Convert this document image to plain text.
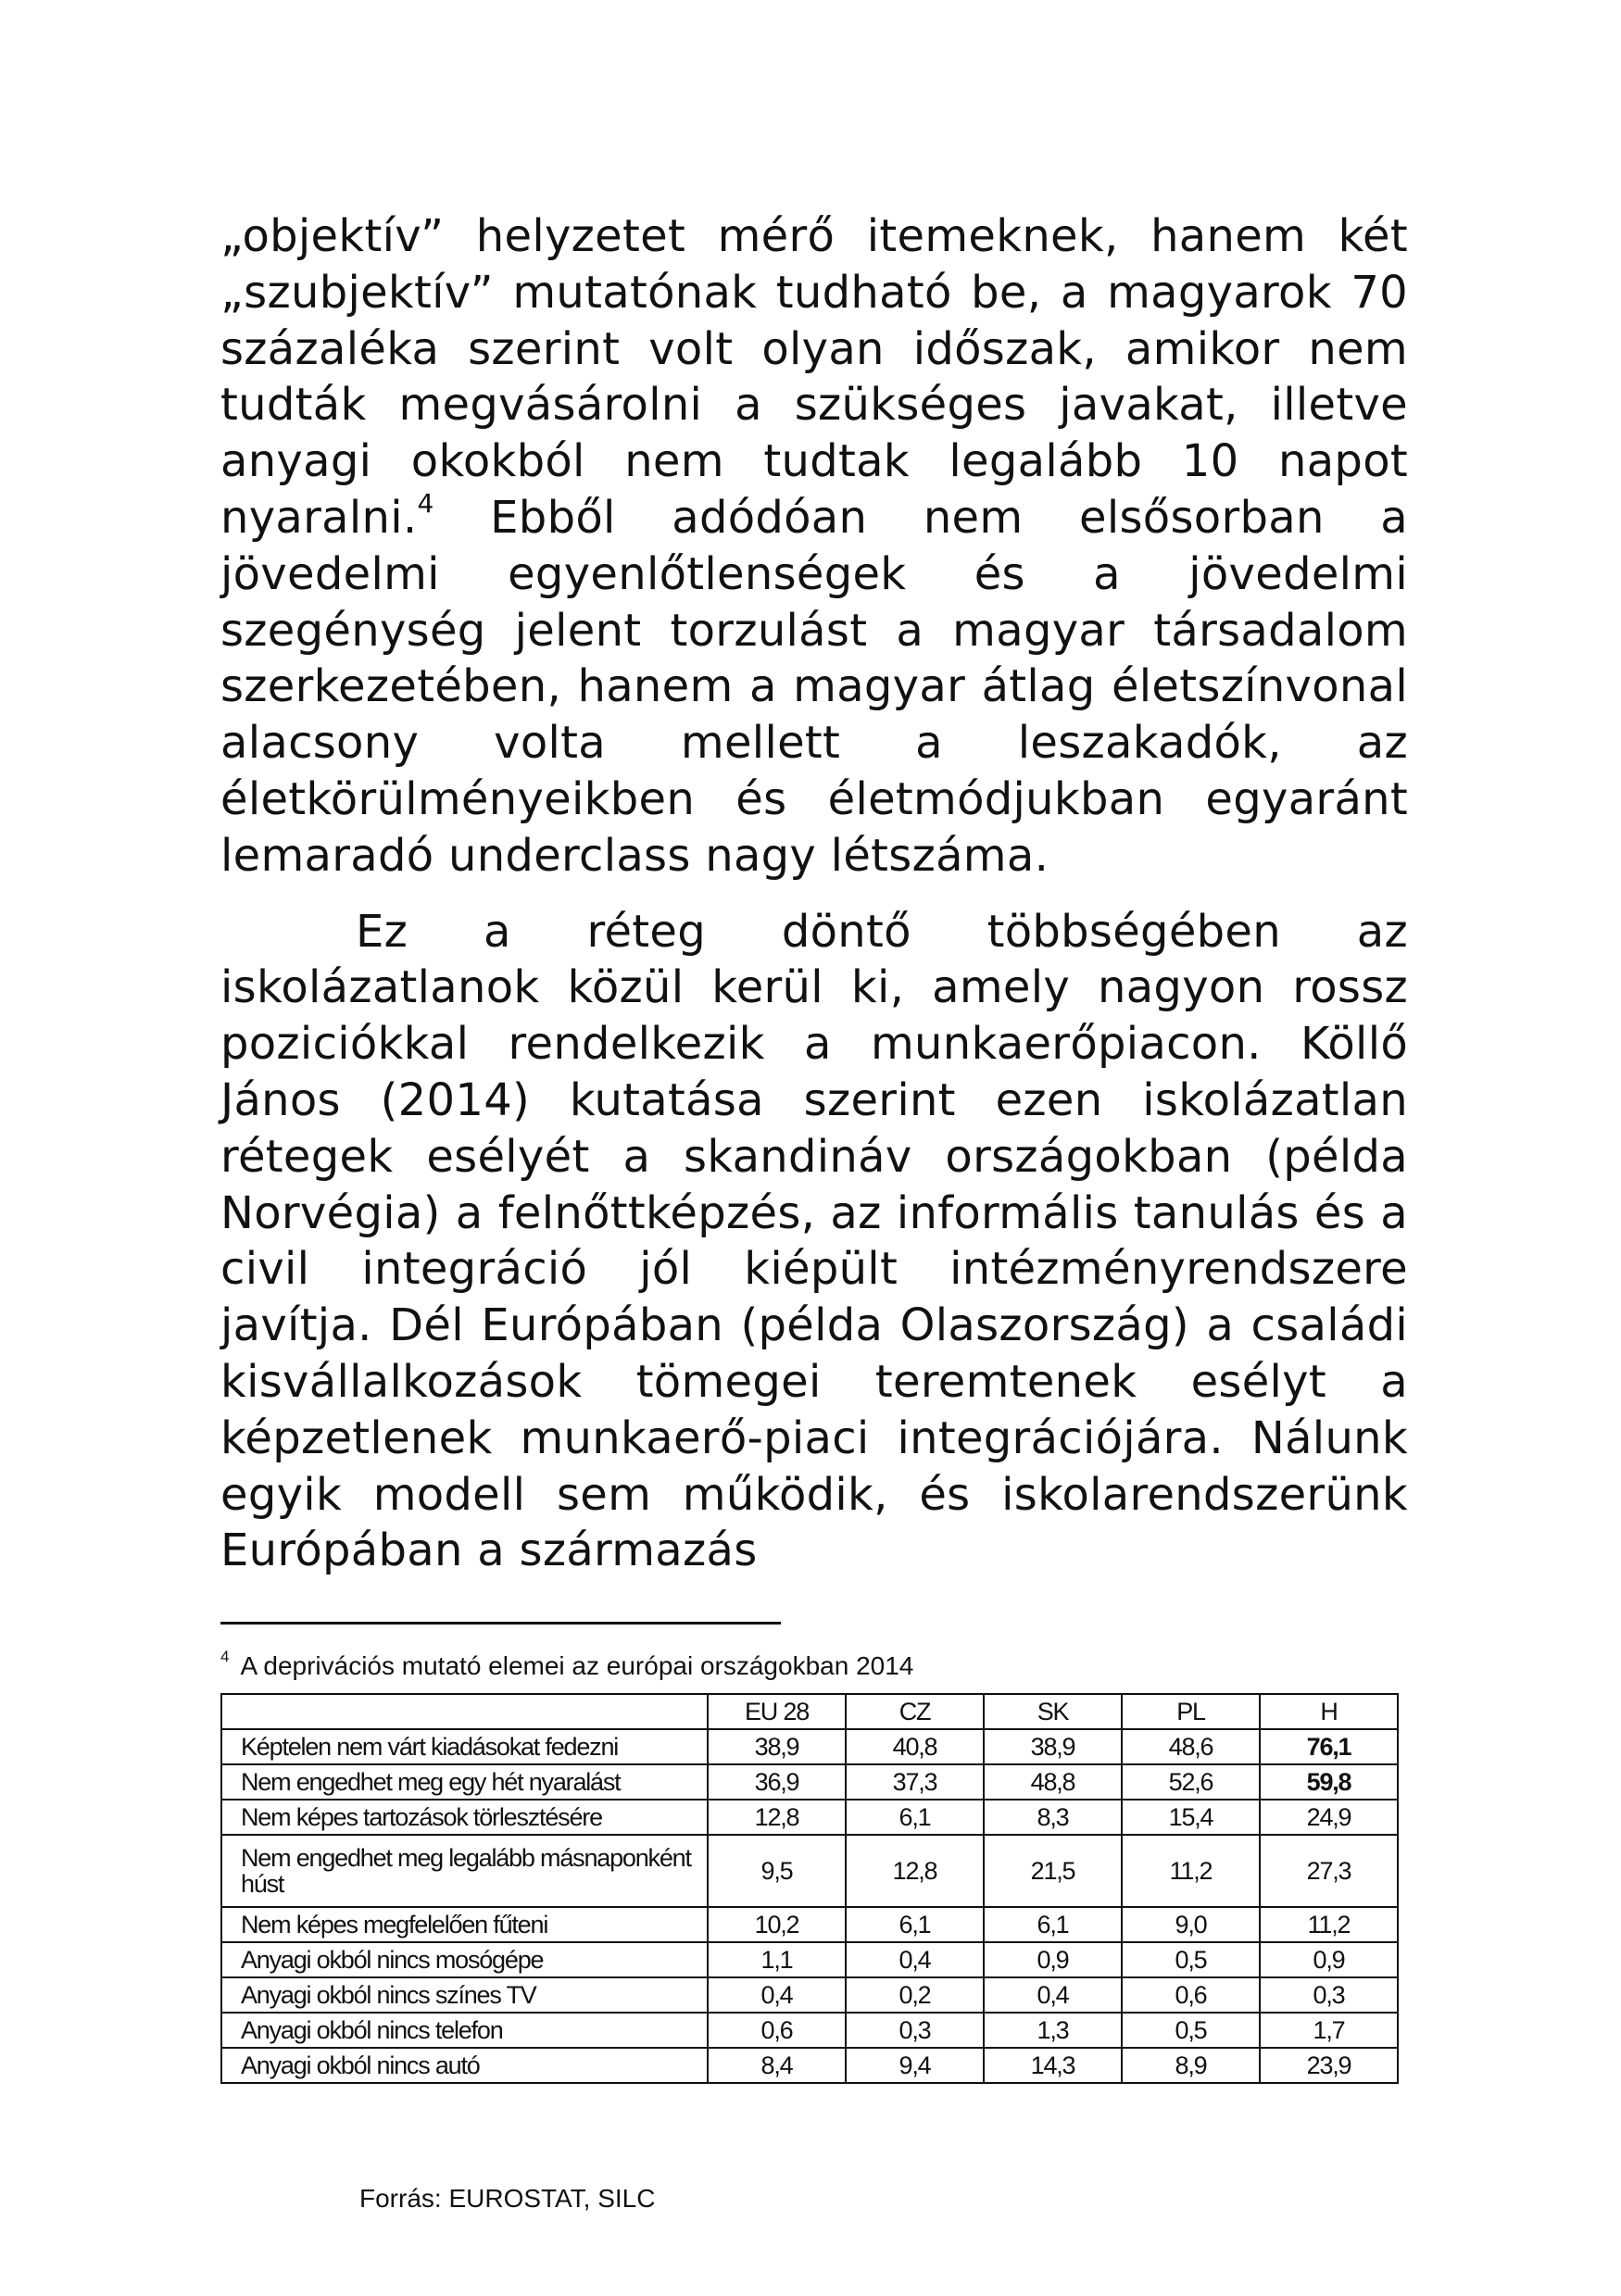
„objektív” helyzetet mérő itemeknek, hanem két „szubjektív” mutatónak tudható be, a magyarok 70 százaléka szerint volt olyan időszak, amikor nem tudták megvásárolni a szükséges javakat, illetve anyagi okokból nem tudtak legalább 10 napot nyaralni.$^4$ Ebből adódóan nem elsősorban a jövedelmi egyenlőtlenségek és a jövedelmi szegénység jelent torzulást a magyar társadalom szerkezetében, hanem a magyar átlag életszínvonal alacsony volta mellett a leszakadók, az életkörülményeikben és életmódjukban egyaránt lemaradó underclass nagy létszáma.

Ez a réteg döntő többségében az iskolázatlanok közül kerül ki, amely nagyon rossz poziciókkal rendelkezik a munkaerőpiacon. Köllő János (2014) kutatása szerint ezen iskolázatlan rétegek esélyét a skandináv országokban (példa Norvégia) a felnőttképzés, az informális tanulás és a civil integráció jól kiépült intézményrendszere javítja. Dél Európában (példa Olaszország) a családi kisvállalkozások tömegei teremtenek esélyt a képzetlenek munkaerő-piaci integrációjára. Nálunk egyik modell sem működik, és iskolarendszerünk Európában a származás

$^4$ A deprivációs mutató elemei az európai országokban 2014
	EU 28	CZ	SK	PL	H
Képtelen nem várt kiadásokat fedezni	38,9	40,8	38,9	48,6	76,1
Nem engedhet meg egy hét nyaralást	36,9	37,3	48,8	52,6	59,8
Nem képes tartozások törlesztésére	12,8	6,1	8,3	15,4	24,9
Nem engedhet meg legalább másnaponként húst	9,5	12,8	21,5	11,2	27,3
Nem képes megfelelően fűteni	10,2	6,1	6,1	9,0	11,2
Anyagi okból nincs mosógépe	1,1	0,4	0,9	0,5	0,9
Anyagi okból nincs színes TV	0,4	0,2	0,4	0,6	0,3
Anyagi okból nincs telefon	0,6	0,3	1,3	0,5	1,7
Anyagi okból nincs autó	8,4	9,4	14,3	8,9	23,9
Forrás: EUROSTAT, SILC
